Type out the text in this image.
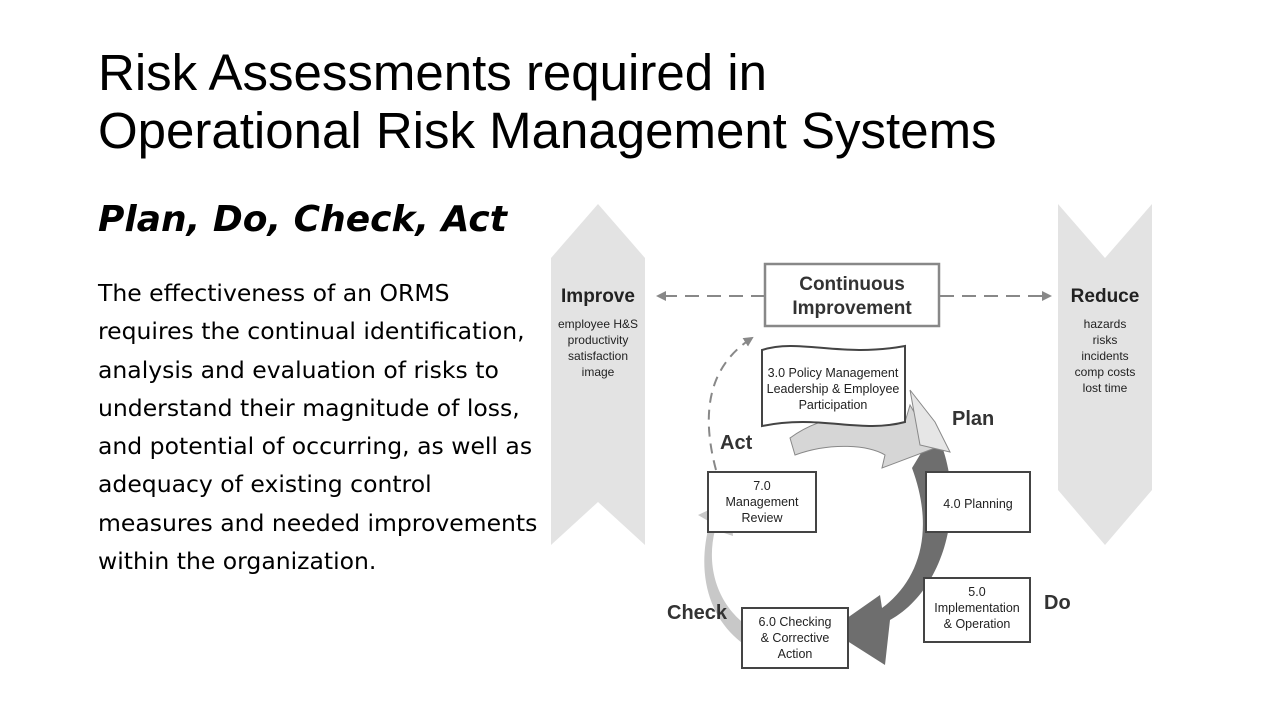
Risk Assessments required in
Operational Risk Management Systems
Plan, Do, Check, Act

The effectiveness of an ORMS requires the continual identification, analysis and evaluation of risks to understand their magnitude of loss, and potential of occurring, as well as adequacy of existing control measures and needed improvements within the organization.

Improve
employee H&S
productivity
satisfaction
image
Reduce
hazards
risks
incidents
comp costs
lost time
Continuous
Improvement
3.0 Policy Management
Leadership & Employee
Participation
7.0
Management
Review
4.0 Planning
5.0
Implementation
& Operation
6.0 Checking
& Corrective
Action
Plan
Act
Do
Check
